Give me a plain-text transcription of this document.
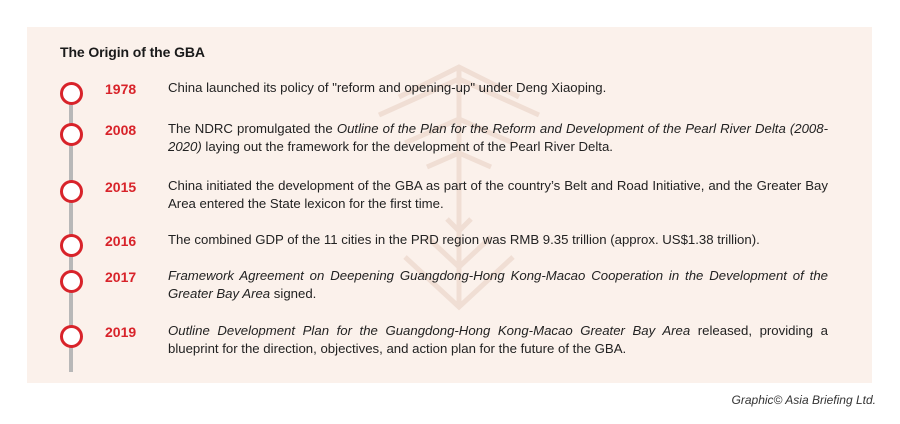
The Origin of the GBA

1978 China launched its policy of "reform and opening-up" under Deng Xiaoping.

2008 The NDRC promulgated the Outline of the Plan for the Reform and Development of the Pearl River Delta (2008-2020) laying out the framework for the development of the Pearl River Delta.

2015 China initiated the development of the GBA as part of the country’s Belt and Road Initiative, and the Greater Bay Area entered the State lexicon for the first time.

2016 The combined GDP of the 11 cities in the PRD region was RMB 9.35 trillion (approx. US$1.38 trillion).

2017 Framework Agreement on Deepening Guangdong-Hong Kong-Macao Cooperation in the Development of the Greater Bay Area signed.

2019 Outline Development Plan for the Guangdong-Hong Kong-Macao Greater Bay Area released, providing a blueprint for the direction, objectives, and action plan for the future of the GBA.

Graphic© Asia Briefing Ltd.
